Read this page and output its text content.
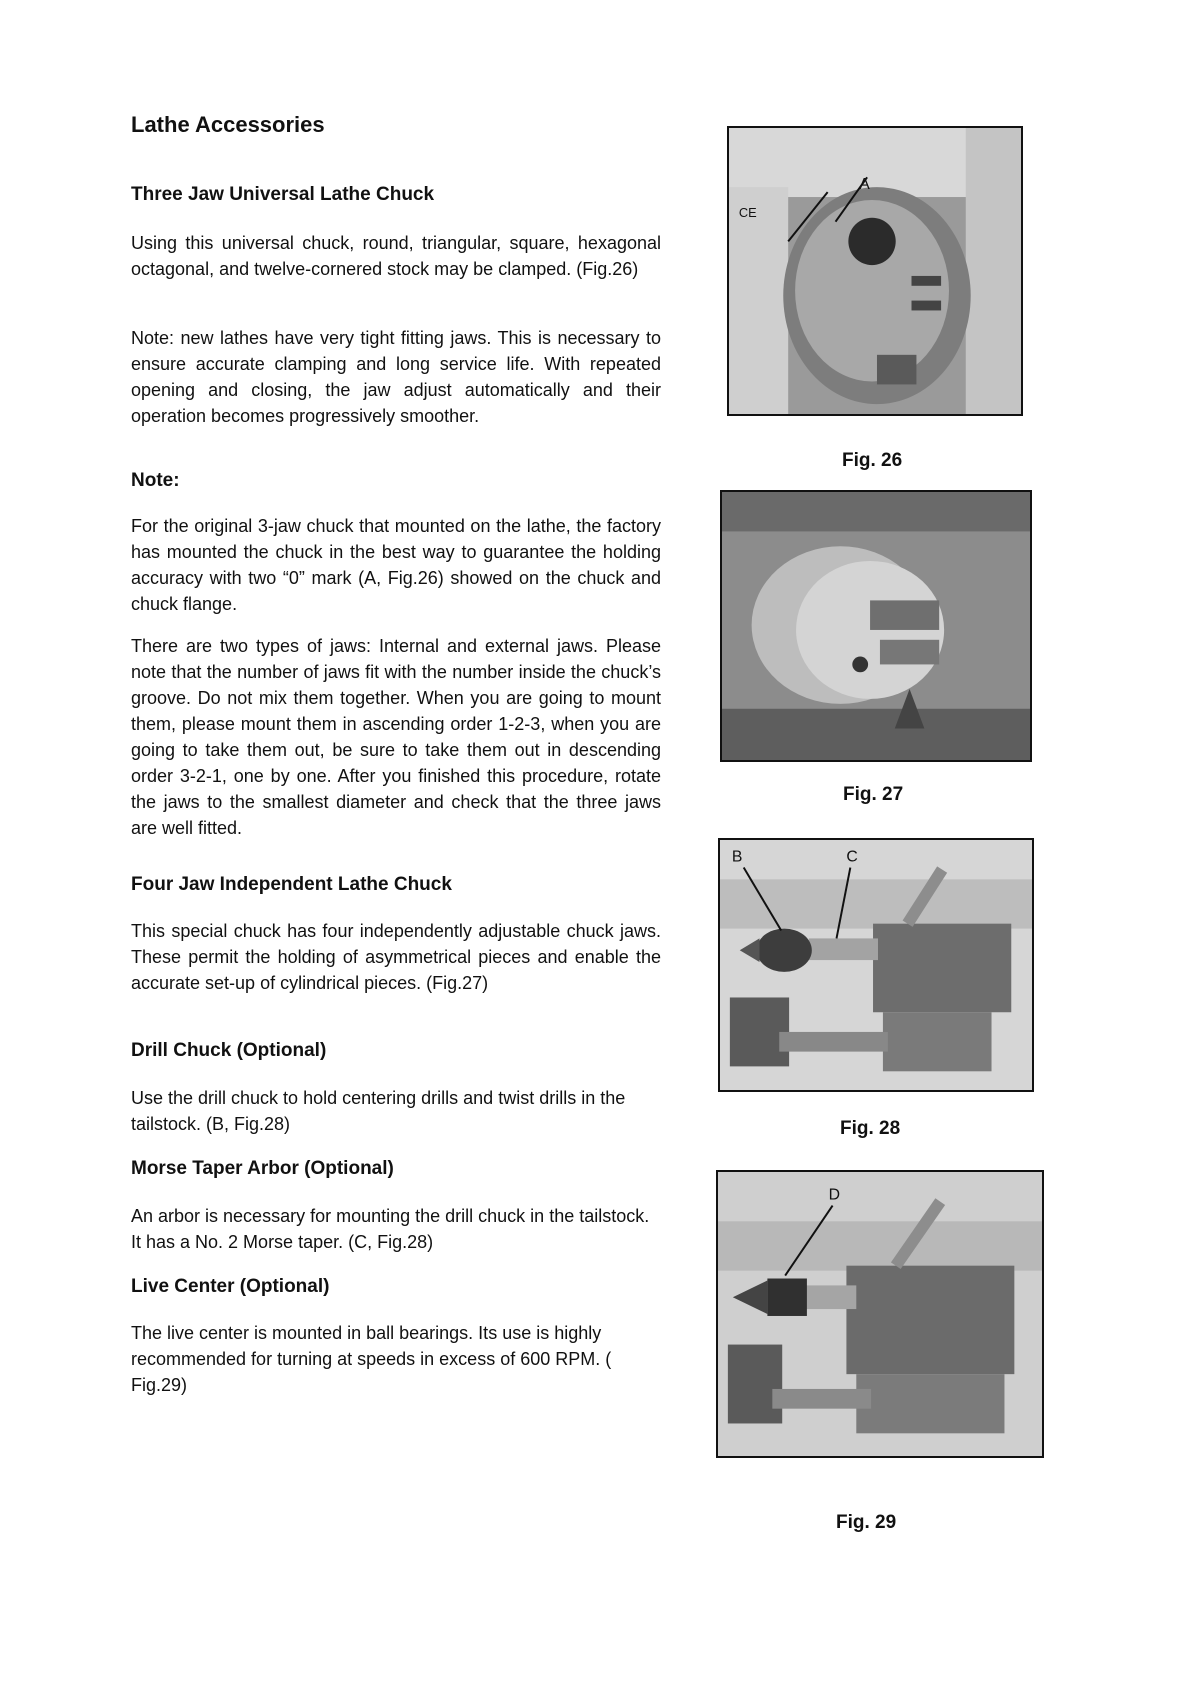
Lathe Accessories
Three Jaw Universal Lathe Chuck

Using this universal chuck, round, triangular, square, hexagonal octagonal, and twelve-cornered stock may be clamped. (Fig.26)

Note: new lathes have very tight fitting jaws. This is necessary to ensure accurate clamping and long service life. With repeated opening and closing, the jaw adjust automatically and their operation becomes progressively smoother.

Note:

For the original 3-jaw chuck that mounted on the lathe, the factory has mounted the chuck in the best way to guarantee the holding accuracy with two “0” mark (A, Fig.26) showed on the chuck and chuck flange.

There are two types of jaws: Internal and external jaws. Please note that the number of jaws fit with the number inside the chuck’s groove. Do not mix them together. When you are going to mount them, please mount them in ascending order 1-2-3, when you are going to take them out, be sure to take them out in descending order 3-2-1, one by one. After you finished this procedure, rotate the jaws to the smallest diameter and check that the three jaws are well fitted.

Four Jaw Independent Lathe Chuck

This special chuck has four independently adjustable chuck jaws. These permit the holding of asymmetrical pieces and enable the accurate set-up of cylindrical pieces. (Fig.27)

Drill Chuck (Optional)

Use the drill chuck to hold centering drills and twist drills in the tailstock. (B, Fig.28)

Morse Taper Arbor (Optional)

An arbor is necessary for mounting the drill chuck in the tailstock. It has a No. 2 Morse taper. (C, Fig.28)

Live Center (Optional)

The live center is mounted in ball bearings. Its use is highly recommended for turning at speeds in excess of 600 RPM. ( Fig.29)

CE
A
Fig. 26
Fig. 27
B	C
Fig. 28
D
Fig. 29
